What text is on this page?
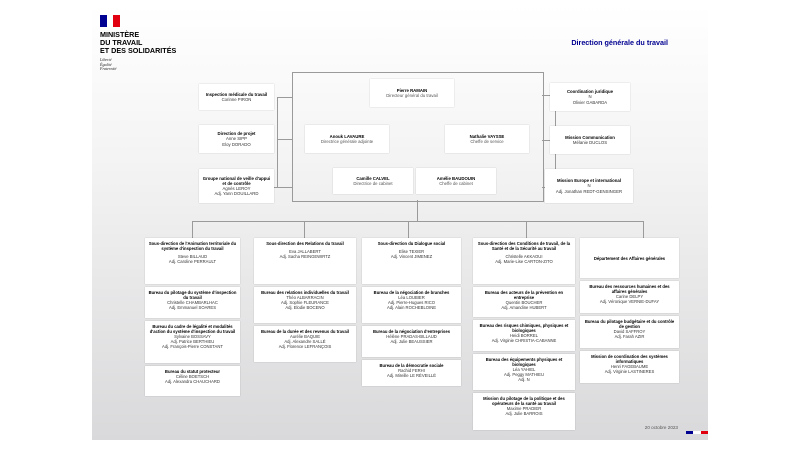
MINISTÈRE
DU TRAVAIL
ET DES SOLIDARITÉS
Liberté
Égalité
Fraternité
Direction générale du travail
Inspection médicale du travail
Corinne PIRON
Direction de projet
Anne SIPP
Eloy DORADO
Groupe national de veille d'appui et de contrôle
Agnès LEROY
Adj. Yann DOUILLARD
Coordination juridique
N
Olivier GABARDA
Mission Communication
Mélanie DUCLOS
Mission Europe et international
N
Adj. Jonathan REDT-GENSINGER
Pierre RAMAIN
Directeur général du travail
Anouk LAVAURE
Directrice générale adjointe
Nathalie VAYSSE
Cheffe de service
Camille CALVEL
Directrice de cabinet
Amélie BAUDOUIN
Cheffe de cabinet
Sous-direction de l'Animation territoriale du système d'inspection du travail
Steve BILLAUD
Adj. Caroline PERRAULT
Bureau du pilotage du système d'inspection du travail
Christelle CHAMBARLHAC
Adj. Emmanuel SOARES
Bureau du cadre de légalité et modalités d'action du système d'inspection du travail
Sylvaine BOSSAVY
Adj. Patrice BERTHIEU
Adj. François-Pierre CONSTANT
Bureau du statut protecteur
Céline BOETSCH
Adj. Alexandra CHAUCHARD
Sous-direction des Relations du travail
Eva JALLABERT
Adj. Sacha REINGEWIRTZ
Bureau des relations individuelles du travail
Théo ALBARRACIN
Adj. Sophie FLEURANCE
Adj. Elodie BOCENO
Bureau de la durée et des revenus du travail
Aurélie BAQUIE
Adj. Alexandre SALLÉ
Adj. Florence LEFRANÇOIS
Sous-direction du Dialogue social
Elise TEXIER
Adj. Vincent JIMENEZ
Bureau de la négociation de branches
Léa LOUBIER
Adj. Pierre-Hugues RICO
Adj. Alain ROCHEBLOINE
Bureau de la négociation d'entreprises
Hélène PRADAS-BILLAUD
Adj. Julie BEAUSSIER
Bureau de la démocratie sociale
Rachid FERHI
Adj. Mireille LE RÉVEILLÉ
Sous-direction des Conditions de travail, de la Santé et de la Sécurité au travail
Christelle AKKAOUI
Adj. Marie-Lise CARTON-ZITO
Bureau des acteurs de la prévention en entreprise
Quentin BOUCHER
Adj. Amandine HUBERT
Bureau des risques chimiques, physiques et biologiques
Heidi BORREL
Adj. Virginie CHRISTIA-CABANNE
Bureau des équipements physiques et biologiques
Léa YAHIEL
Adj. Peggy MATHIEU
Adj. N
Mission du pilotage de la politique et des opérateurs de la santé au travail
Maxime PRADIER
Adj. Julie BARROIS
Département des Affaires générales
Bureau des ressources humaines et des affaires générales
Carine DELPY
Adj. Véronique VERNIE-DUFAY
Bureau du pilotage budgétaire et du contrôle de gestion
David SAFFROY
Adj. Farah AZIR
Mission de coordination des systèmes informatiques
Henri FAGEBAUME
Adj. Virginie LASTINERES
20 octobre 2023
